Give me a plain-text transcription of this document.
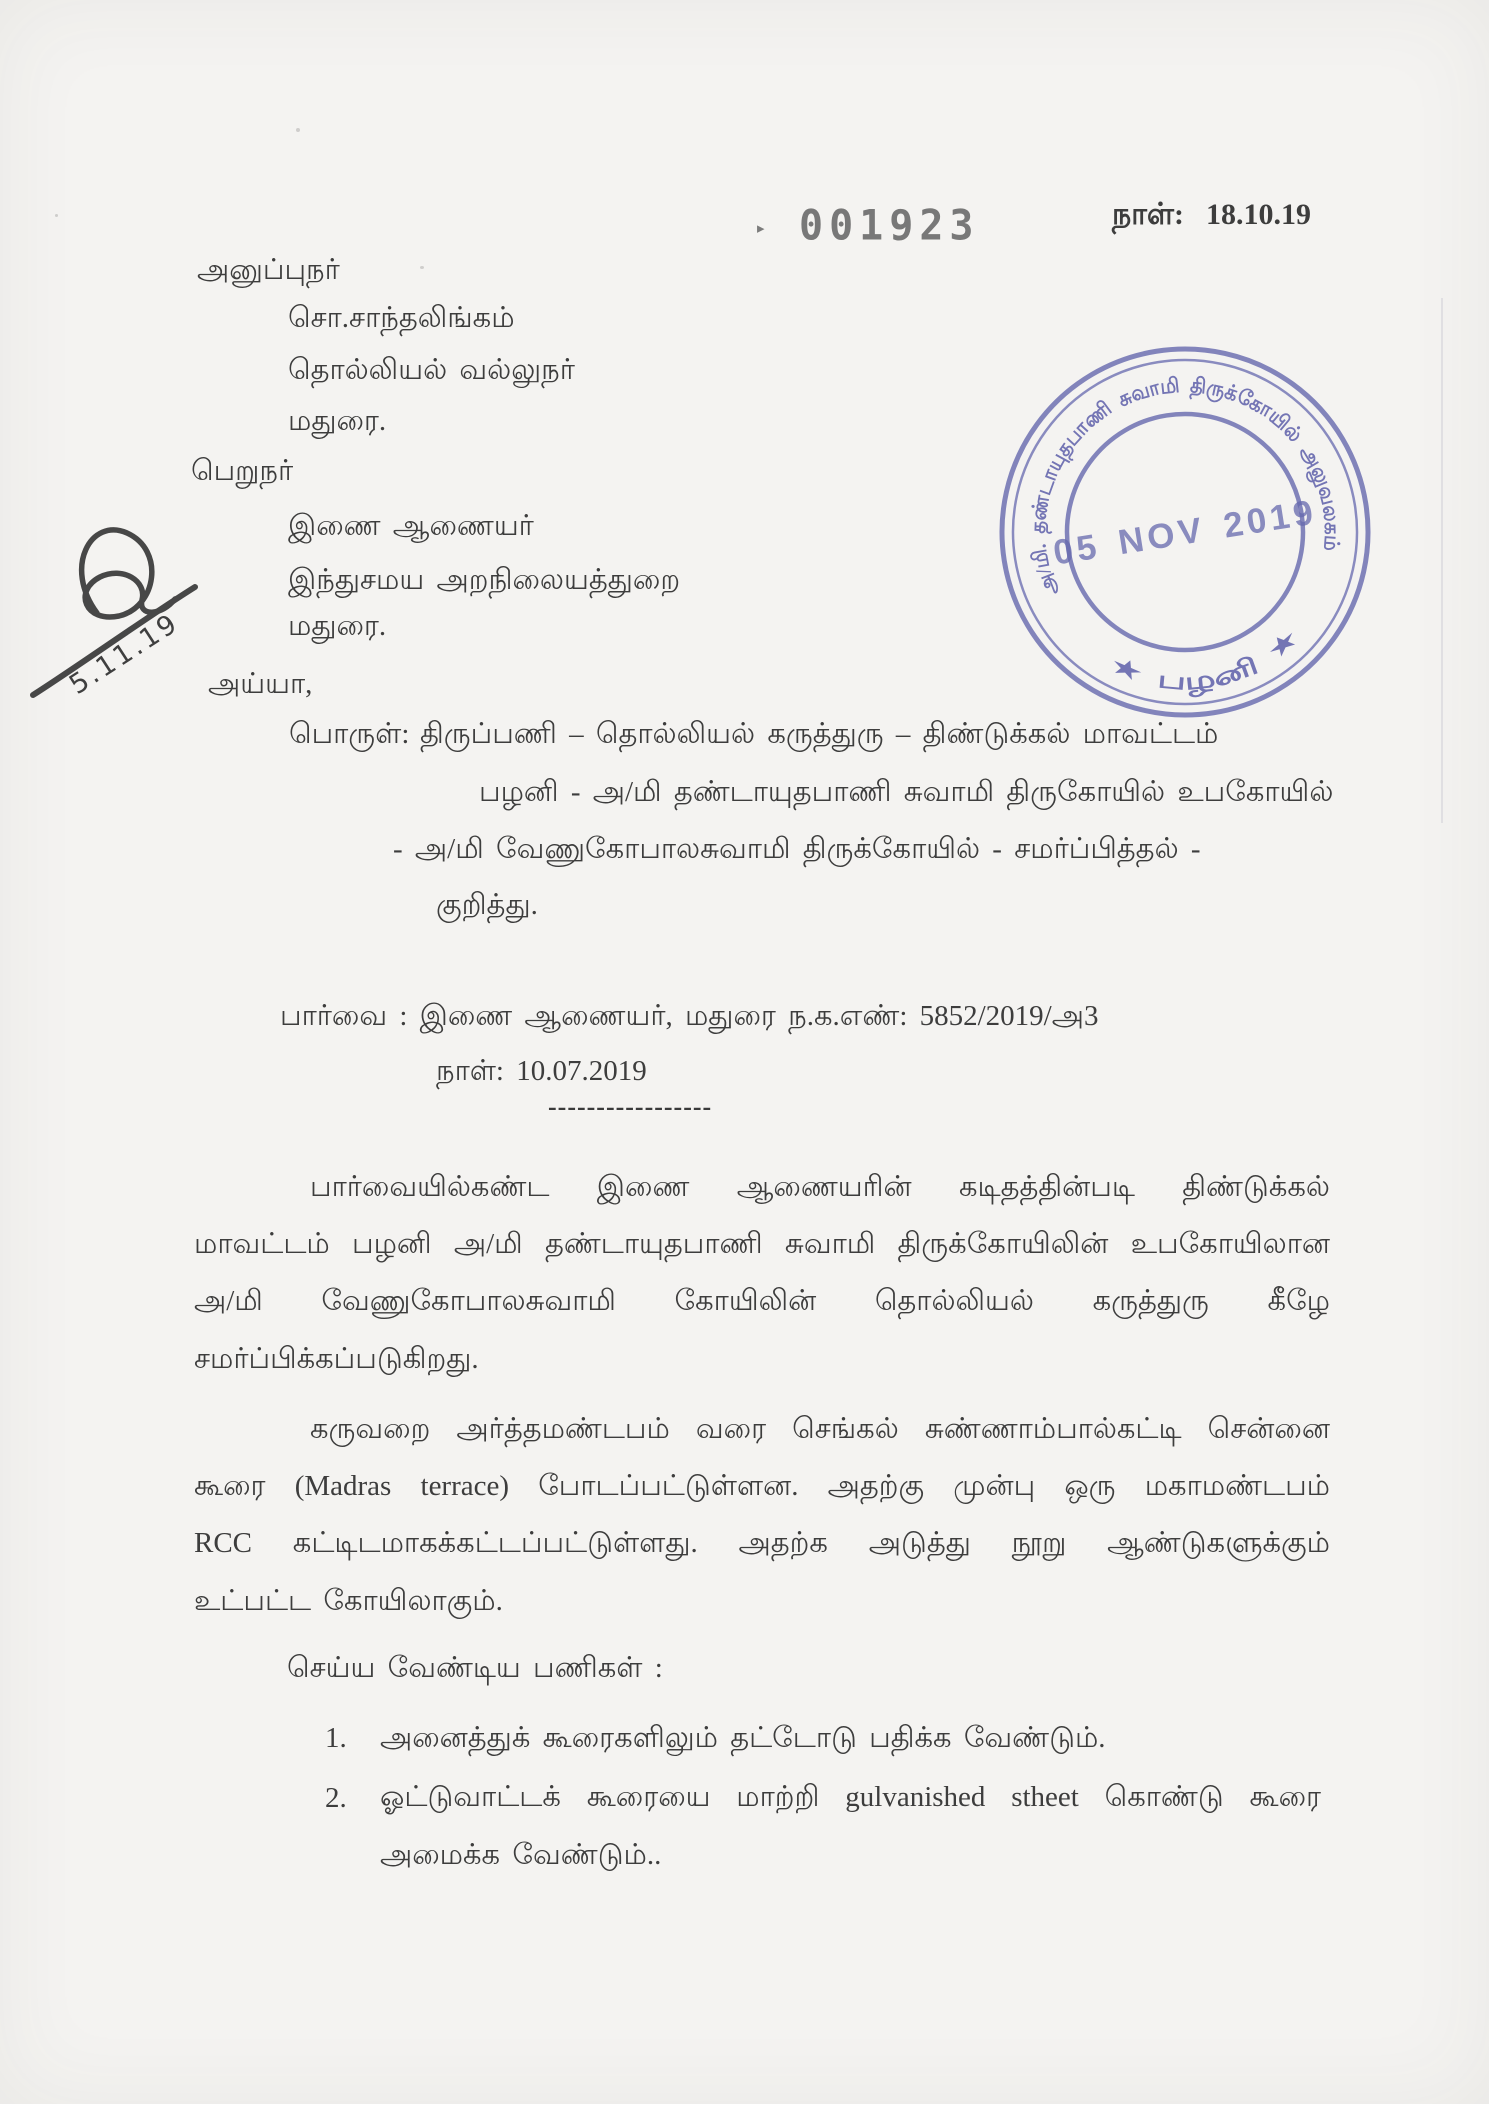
▸ 001923	நாள்: 18.10.19
அனுப்புநர்
சொ.சாந்தலிங்கம்
தொல்லியல் வல்லுநர்
மதுரை.
பெறுநர்
இணை ஆணையர்
இந்துசமய அறநிலையத்துறை
மதுரை.
அய்யா,
அ/மி. தண்டாயுதபாணி சுவாமி திருக்கோயில் அலுவலகம்
★ பழனி ★
05 NOV 2019
5.11.19
பொருள்: திருப்பணி – தொல்லியல் கருத்துரு – திண்டுக்கல் மாவட்டம்
பழனி - அ/மி தண்டாயுதபாணி சுவாமி திருகோயில் உபகோயில்
- அ/மி வேணுகோபாலசுவாமி திருக்கோயில் - சமர்ப்பித்தல் -
குறித்து.
பார்வை : இணை ஆணையர், மதுரை ந.க.எண்: 5852/2019/அ3
நாள்: 10.07.2019
-----------------
பார்வையில்கண்ட இணை ஆணையரின் கடிதத்தின்படி திண்டுக்கல்
மாவட்டம் பழனி அ/மி தண்டாயுதபாணி சுவாமி திருக்கோயிலின் உபகோயிலான
அ/மி வேணுகோபாலசுவாமி கோயிலின் தொல்லியல் கருத்துரு கீழே
சமர்ப்பிக்கப்படுகிறது.
கருவறை அர்த்தமண்டபம் வரை செங்கல் சுண்ணாம்பால்கட்டி சென்னை
கூரை (Madras terrace) போடப்பட்டுள்ளன. அதற்கு முன்பு ஒரு மகாமண்டபம்
RCC கட்டிடமாகக்கட்டப்பட்டுள்ளது. அதற்க அடுத்து நூறு ஆண்டுகளுக்கும்
உட்பட்ட கோயிலாகும்.
செய்ய வேண்டிய பணிகள் :
1. அனைத்துக் கூரைகளிலும் தட்டோடு பதிக்க வேண்டும்.
2. ஓட்டுவாட்டக் கூரையை மாற்றி gulvanished stheet கொண்டு கூரை
அமைக்க வேண்டும்..
